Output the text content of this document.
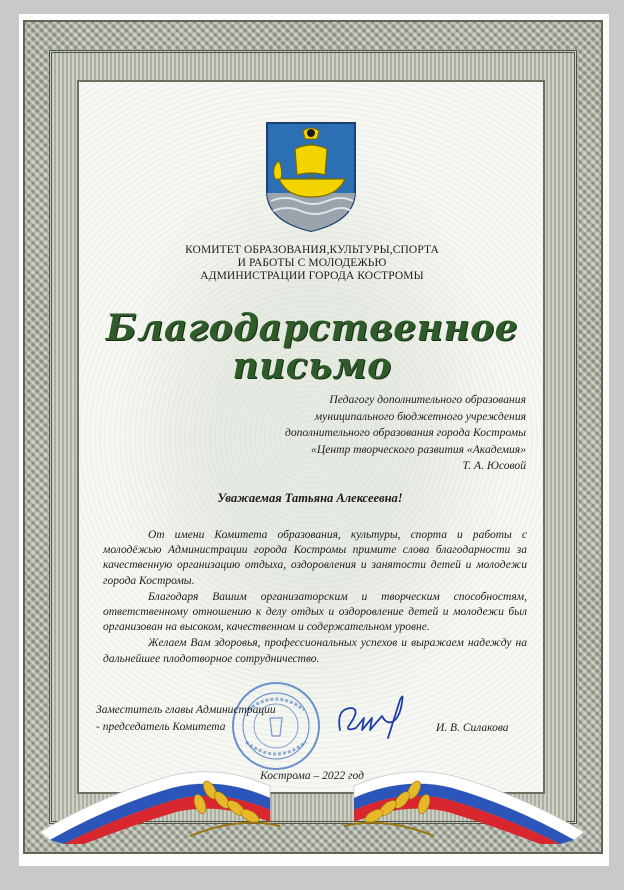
КОМИТЕТ ОБРАЗОВАНИЯ,КУЛЬТУРЫ,СПОРТА
И РАБОТЫ С МОЛОДЕЖЬЮ
АДМИНИСТРАЦИИ ГОРОДА КОСТРОМЫ
Благодарственное
письмо
Педагогу дополнительного образования
муниципального бюджетного учреждения
дополнительного образования города Костромы
«Центр творческого развития «Академия»
Т. А. Юсовой
Уважаемая Татьяна Алексеевна!

От имени Комитета образования, культуры, спорта и работы с молодёжью Администрации города Костромы примите слова благодарности за качественную организацию отдыха, оздоровления и занятости детей и молодежи города Костромы.

Благодаря Вашим организаторским и творческим способностям, ответственному отношению к делу отдых и оздоровление детей и молодежи был организован на высоком, качественном и содержательном уровне.

Желаем Вам здоровья, профессиональных успехов и выражаем надежду на дальнейшее плодотворное сотрудничество.

Заместитель главы Администрации
- председатель Комитета	И. В. Силакова
Кострома – 2022 год
